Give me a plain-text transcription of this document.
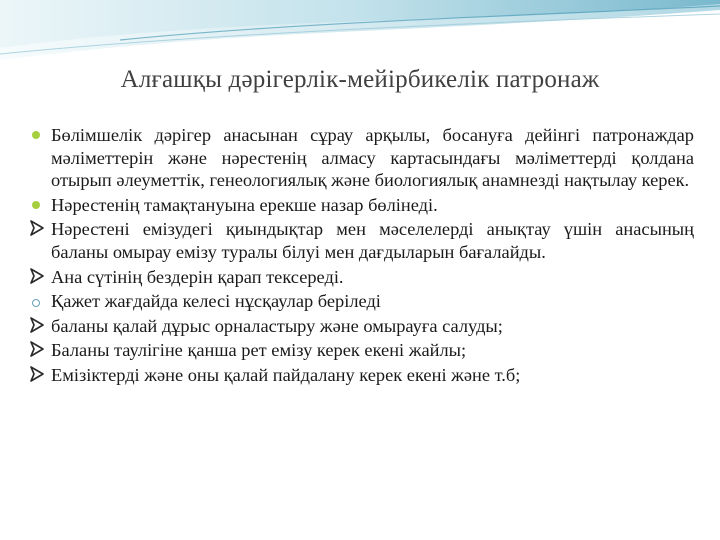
Алғашқы дәрігерлік-мейірбикелік патронаж
Бөлімшелік дәрігер анасынан сұрау арқылы, босануға дейінгі патронаждар мәліметтерін және нәрестенің алмасу картасындағы мәліметтерді қолдана отырып әлеуметтік, генеологиялық және биологиялық анамнезді нақтылау керек.
Нәрестенің тамақтануына ерекше назар бөлінеді.
Нәрестені емізудегі қиындықтар мен мәселелерді анықтау үшін анасының баланы омырау емізу туралы білуі мен дағдыларын бағалайды.
Ана сүтінің бездерін қарап тексереді.
Қажет жағдайда келесі нұсқаулар беріледі
баланы қалай дұрыс орналастыру және омырауға салуды;
Баланы таулігіне қанша рет емізу керек екені жайлы;
Емізіктерді және оны қалай пайдалану керек екені және т.б;
